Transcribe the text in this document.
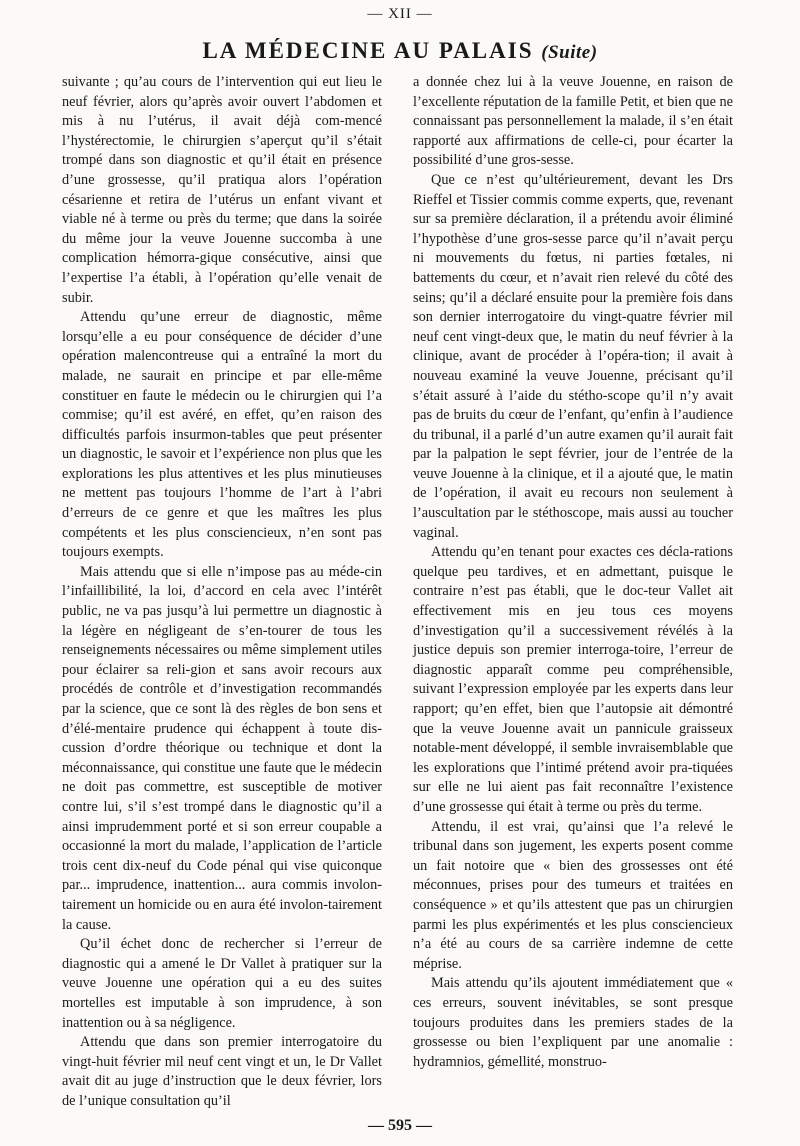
— XII —
LA MÉDECINE AU PALAIS (Suite)

suivante ; qu’au cours de l’intervention qui eut lieu le neuf février, alors qu’après avoir ouvert l’abdomen et mis à nu l’utérus, il avait déjà com-mencé l’hystérectomie, le chirurgien s’aperçut qu’il s’était trompé dans son diagnostic et qu’il était en présence d’une grossesse, qu’il pratiqua alors l’opération césarienne et retira de l’utérus un enfant vivant et viable né à terme ou près du terme; que dans la soirée du même jour la veuve Jouenne succomba à une complication hémorra-gique consécutive, ainsi que l’expertise l’a établi, à l’opération qu’elle venait de subir.

Attendu qu’une erreur de diagnostic, même lorsqu’elle a eu pour conséquence de décider d’une opération malencontreuse qui a entraîné la mort du malade, ne saurait en principe et par elle-même constituer en faute le médecin ou le chirurgien qui l’a commise; qu’il est avéré, en effet, qu’en raison des difficultés parfois insurmon-tables que peut présenter un diagnostic, le savoir et l’expérience non plus que les explorations les plus attentives et les plus minutieuses ne mettent pas toujours l’homme de l’art à l’abri d’erreurs de ce genre et que les maîtres les plus compétents et les plus consciencieux, n’en sont pas toujours exempts.

Mais attendu que si elle n’impose pas au méde-cin l’infaillibilité, la loi, d’accord en cela avec l’intérêt public, ne va pas jusqu’à lui permettre un diagnostic à la légère en négligeant de s’en-tourer de tous les renseignements nécessaires ou même simplement utiles pour éclairer sa reli-gion et sans avoir recours aux procédés de contrôle et d’investigation recommandés par la science, que ce sont là des règles de bon sens et d’élé-mentaire prudence qui échappent à toute dis-cussion d’ordre théorique ou technique et dont la méconnaissance, qui constitue une faute que le médecin ne doit pas commettre, est susceptible de motiver contre lui, s’il s’est trompé dans le diagnostic qu’il a ainsi imprudemment porté et si son erreur coupable a occasionné la mort du malade, l’application de l’article trois cent dix-neuf du Code pénal qui vise quiconque par... imprudence, inattention... aura commis involon-tairement un homicide ou en aura été involon-tairement la cause.

Qu’il échet donc de rechercher si l’erreur de diagnostic qui a amené le Dr Vallet à pratiquer sur la veuve Jouenne une opération qui a eu des suites mortelles est imputable à son imprudence, à son inattention ou à sa négligence.

Attendu que dans son premier interrogatoire du vingt-huit février mil neuf cent vingt et un, le Dr Vallet avait dit au juge d’instruction que le deux février, lors de l’unique consultation qu’il

a donnée chez lui à la veuve Jouenne, en raison de l’excellente réputation de la famille Petit, et bien que ne connaissant pas personnellement la malade, il s’en était rapporté aux affirmations de celle-ci, pour écarter la possibilité d’une gros-sesse.

Que ce n’est qu’ultérieurement, devant les Drs Rieffel et Tissier commis comme experts, que, revenant sur sa première déclaration, il a prétendu avoir éliminé l’hypothèse d’une gros-sesse parce qu’il n’avait perçu ni mouvements du fœtus, ni parties fœtales, ni battements du cœur, et n’avait rien relevé du côté des seins; qu’il a déclaré ensuite pour la première fois dans son dernier interrogatoire du vingt-quatre février mil neuf cent vingt-deux que, le matin du neuf février à la clinique, avant de procéder à l’opéra-tion; il avait à nouveau examiné la veuve Jouenne, précisant qu’il s’était assuré à l’aide du stétho-scope qu’il n’y avait pas de bruits du cœur de l’enfant, qu’enfin à l’audience du tribunal, il a parlé d’un autre examen qu’il aurait fait par la palpation le sept février, jour de l’entrée de la veuve Jouenne à la clinique, et il a ajouté que, le matin de l’opération, il avait eu recours non seulement à l’auscultation par le stéthoscope, mais aussi au toucher vaginal.

Attendu qu’en tenant pour exactes ces décla-rations quelque peu tardives, et en admettant, puisque le contraire n’est pas établi, que le doc-teur Vallet ait effectivement mis en jeu tous ces moyens d’investigation qu’il a successivement révélés à la justice depuis son premier interroga-toire, l’erreur de diagnostic apparaît comme peu compréhensible, suivant l’expression employée par les experts dans leur rapport; qu’en effet, bien que l’autopsie ait démontré que la veuve Jouenne avait un pannicule graisseux notable-ment développé, il semble invraisemblable que les explorations que l’intimé prétend avoir pra-tiquées sur elle ne lui aient pas fait reconnaître l’existence d’une grossesse qui était à terme ou près du terme.

Attendu, il est vrai, qu’ainsi que l’a relevé le tribunal dans son jugement, les experts posent comme un fait notoire que « bien des grossesses ont été méconnues, prises pour des tumeurs et traitées en conséquence » et qu’ils attestent que pas un chirurgien parmi les plus expérimentés et les plus consciencieux n’a été au cours de sa carrière indemne de cette méprise.

Mais attendu qu’ils ajoutent immédiatement que « ces erreurs, souvent inévitables, se sont presque toujours produites dans les premiers stades de la grossesse ou bien l’expliquent par une anomalie : hydramnios, gémellité, monstruo-

— 595 —
